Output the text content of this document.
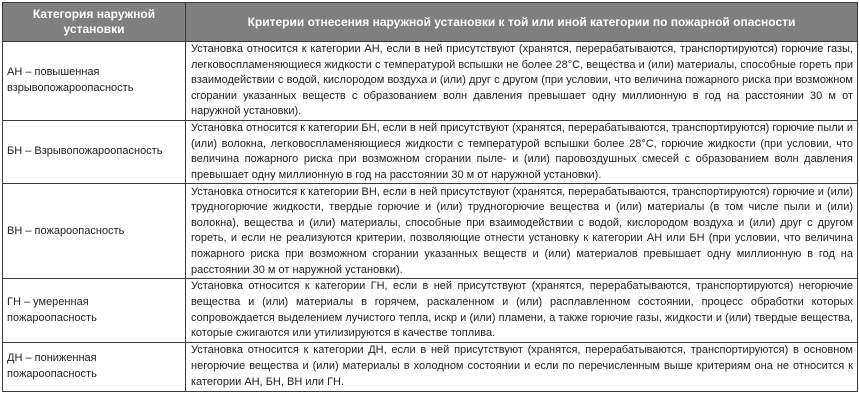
Категория наружной установки	Критерии отнесения наружной установки к той или иной категории по пожарной опасности
АН – повышенная взрывопожароопасность	Установка относится к категории АН, если в ней присутствуют (хранятся, перерабатываются, транспортируются) горючие газы, легковоспламеняющиеся жидкости с температурой вспышки не более 28°C, вещества и (или) материалы, способные гореть при взаимодействии с водой, кислородом воздуха и (или) друг с другом (при условии, что величина пожарного риска при возможном сгорании указанных веществ с образованием волн давления превышает одну миллионную в год на расстоянии 30 м от наружной установки).
БН – Взрывопожароопасность	Установка относится к категории БН, если в ней присутствуют (хранятся, перерабатываются, транспортируются) горючие пыли и (или) волокна, легковоспламеняющиеся жидкости с температурой вспышки более 28°C, горючие жидкости (при условии, что величина пожарного риска при возможном сгорании пыле- и (или) паровоздушных смесей с образованием волн давления превышает одну миллионную в год на расстоянии 30 м от наружной установки).
ВН – пожароопасность	Установка относится к категории ВН, если в ней присутствуют (хранятся, перерабатываются, транспортируются) горючие и (или) трудногорючие жидкости, твердые горючие и (или) трудногорючие вещества и (или) материалы (в том числе пыли и (или) волокна), вещества и (или) материалы, способные при взаимодействии с водой, кислородом воздуха и (или) друг с другом гореть, и если не реализуются критерии, позволяющие отнести установку к категории АН или БН (при условии, что величина пожарного риска при возможном сгорании указанных веществ и (или) материалов превышает одну миллионную в год на расстоянии 30 м от наружной установки).
ГН – умеренная пожароопасность	Установка относится к категории ГН, если в ней присутствуют (хранятся, перерабатываются, транспортируются) негорючие вещества и (или) материалы в горячем, раскаленном и (или) расплавленном состоянии, процесс обработки которых сопровождается выделением лучистого тепла, искр и (или) пламени, а также горючие газы, жидкости и (или) твердые вещества, которые сжигаются или утилизируются в качестве топлива.
ДН – пониженная пожароопасность	Установка относится к категории ДН, если в ней присутствуют (хранятся, перерабатываются, транспортируются) в основном негорючие вещества и (или) материалы в холодном состоянии и если по перечисленным выше критериям она не относится к категории АН, БН, ВН или ГН.
